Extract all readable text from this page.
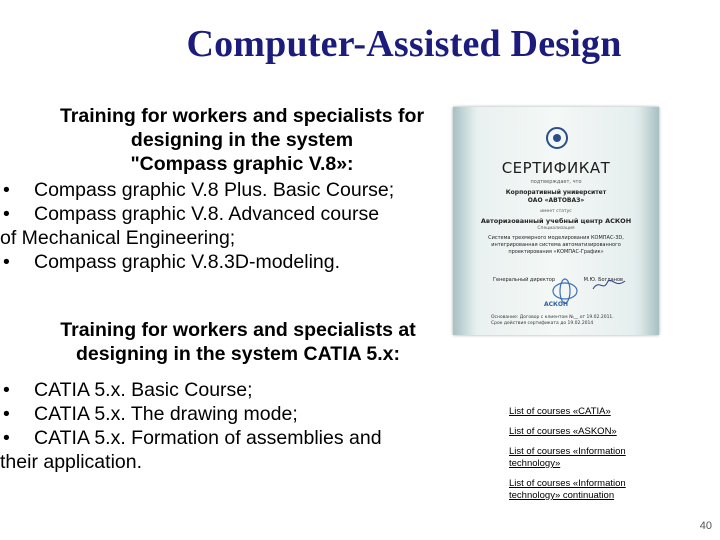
Computer-Assisted Design
Training for workers and specialists for
designing in the system
"Compass graphic V.8»:
• Compass graphic V.8 Plus. Basic Course;
• Compass graphic V.8. Advanced course
of Mechanical Engineering;
• Compass graphic V.8.3D-modeling.
Training for workers and specialists at
designing in the system CATIA 5.x:
• CATIA 5.x. Basic Course;
• CATIA 5.x. The drawing mode;
• CATIA 5.x. Formation of assemblies and
their application.
СЕРТИФИКАТ
подтверждает, что
Корпоративный университет ОАО «АВТОВАЗ»
имеет статус
Авторизованный учебный центр АСКОН
Специализация
Система трехмерного моделирования КОМПАС-3D, интегрированная система автоматизированного проектирования «КОМПАС-График»
Генеральный директор	М.Ю. Богданов
АСКОН
Основание: Договор с клиентом №__ от 19.02.2011. Срок действия сертификата до 19.02.2014
List of courses «CATIA»
List of courses «ASKON»
List of courses «Information technology»
List of courses «Information technology» continuation
40
